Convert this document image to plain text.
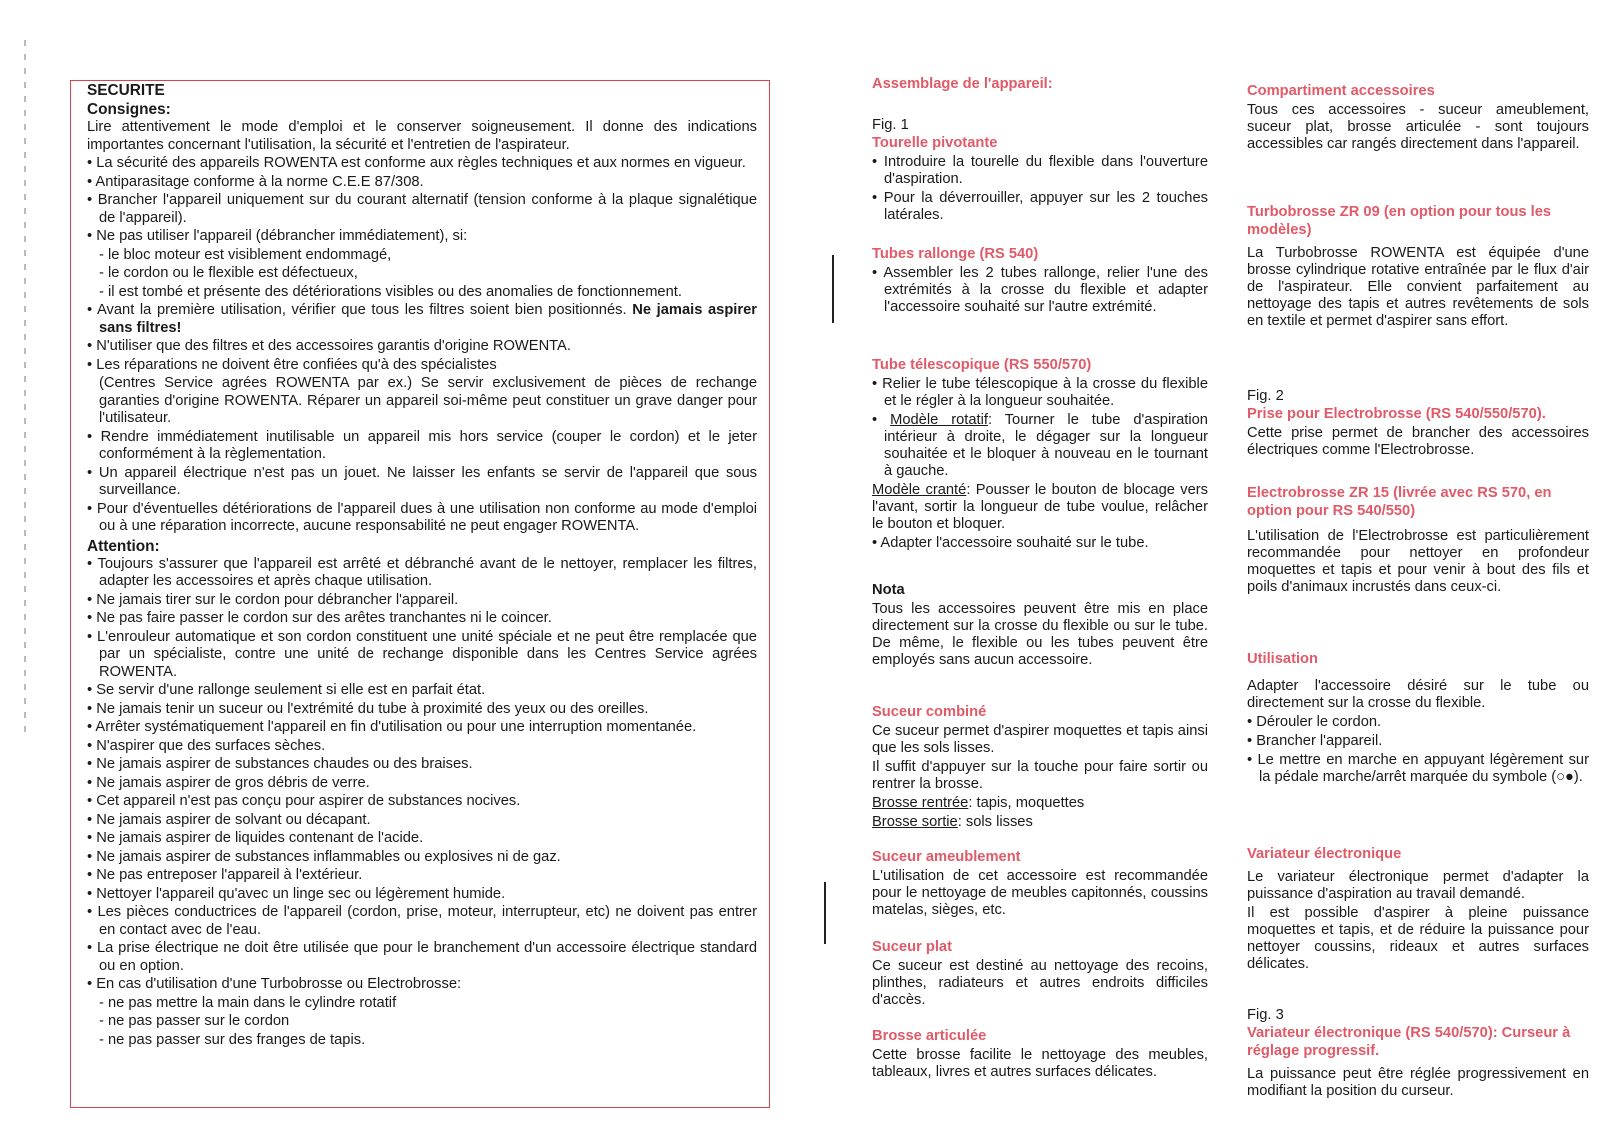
SECURITE
Consignes:
Lire attentivement le mode d'emploi et le conserver soigneusement. Il donne des indications importantes concernant l'utilisation, la sécurité et l'entretien de l'aspirateur.
• La sécurité des appareils ROWENTA est conforme aux règles techniques et aux normes en vigueur.
• Antiparasitage conforme à la norme C.E.E 87/308.
• Brancher l'appareil uniquement sur du courant alternatif (tension conforme à la plaque signalétique de l'appareil).
• Ne pas utiliser l'appareil (débrancher immédiatement), si:
- le bloc moteur est visiblement endommagé,
- le cordon ou le flexible est défectueux,
- il est tombé et présente des détériorations visibles ou des anomalies de fonctionnement.
• Avant la première utilisation, vérifier que tous les filtres soient bien positionnés. Ne jamais aspirer sans filtres!
• N'utiliser que des filtres et des accessoires garantis d'origine ROWENTA.
• Les réparations ne doivent être confiées qu'à des spécialistes
(Centres Service agrées ROWENTA par ex.) Se servir exclusivement de pièces de rechange garanties d'origine ROWENTA. Réparer un appareil soi-même peut constituer un grave danger pour l'utilisateur.
• Rendre immédiatement inutilisable un appareil mis hors service (couper le cordon) et le jeter conformément à la règlementation.
• Un appareil électrique n'est pas un jouet. Ne laisser les enfants se servir de l'appareil que sous surveillance.
• Pour d'éventuelles détériorations de l'appareil dues à une utilisation non conforme au mode d'emploi ou à une réparation incorrecte, aucune responsabilité ne peut engager ROWENTA.
Attention:
• Toujours s'assurer que l'appareil est arrêté et débranché avant de le nettoyer, remplacer les filtres, adapter les accessoires et après chaque utilisation.
• Ne jamais tirer sur le cordon pour débrancher l'appareil.
• Ne pas faire passer le cordon sur des arêtes tranchantes ni le coincer.
• L'enrouleur automatique et son cordon constituent une unité spéciale et ne peut être remplacée que par un spécialiste, contre une unité de rechange disponible dans les Centres Service agrées ROWENTA.
• Se servir d'une rallonge seulement si elle est en parfait état.
• Ne jamais tenir un suceur ou l'extrémité du tube à proximité des yeux ou des oreilles.
• Arrêter systématiquement l'appareil en fin d'utilisation ou pour une interruption momentanée.
• N'aspirer que des surfaces sèches.
• Ne jamais aspirer de substances chaudes ou des braises.
• Ne jamais aspirer de gros débris de verre.
• Cet appareil n'est pas conçu pour aspirer de substances nocives.
• Ne jamais aspirer de solvant ou décapant.
• Ne jamais aspirer de liquides contenant de l'acide.
• Ne jamais aspirer de substances inflammables ou explosives ni de gaz.
• Ne pas entreposer l'appareil à l'extérieur.
• Nettoyer l'appareil qu'avec un linge sec ou légèrement humide.
• Les pièces conductrices de l'appareil (cordon, prise, moteur, interrupteur, etc) ne doivent pas entrer en contact avec de l'eau.
• La prise électrique ne doit être utilisée que pour le branchement d'un accessoire électrique standard ou en option.
• En cas d'utilisation d'une Turbobrosse ou Electrobrosse:
- ne pas mettre la main dans le cylindre rotatif
- ne pas passer sur le cordon
- ne pas passer sur des franges de tapis.
Assemblage de l'appareil:
Fig. 1
Tourelle pivotante
• Introduire la tourelle du flexible dans l'ouverture d'aspiration.
• Pour la déverrouiller, appuyer sur les 2 touches latérales.
Tubes rallonge (RS 540)
• Assembler les 2 tubes rallonge, relier l'une des extrémités à la crosse du flexible et adapter l'accessoire souhaité sur l'autre extrémité.
Tube télescopique (RS 550/570)
• Relier le tube télescopique à la crosse du flexible et le régler à la longueur souhaitée.
• Modèle rotatif: Tourner le tube d'aspiration intérieur à droite, le dégager sur la longueur souhaitée et le bloquer à nouveau en le tournant à gauche.
Modèle cranté: Pousser le bouton de blocage vers l'avant, sortir la longueur de tube voulue, relâcher le bouton et bloquer.
• Adapter l'accessoire souhaité sur le tube.
Nota
Tous les accessoires peuvent être mis en place directement sur la crosse du flexible ou sur le tube. De même, le flexible ou les tubes peuvent être employés sans aucun accessoire.
Suceur combiné
Ce suceur permet d'aspirer moquettes et tapis ainsi que les sols lisses.
Il suffit d'appuyer sur la touche pour faire sortir ou rentrer la brosse.
Brosse rentrée: tapis, moquettes
Brosse sortie: sols lisses
Suceur ameublement
L'utilisation de cet accessoire est recommandée pour le nettoyage de meubles capitonnés, coussins matelas, sièges, etc.
Suceur plat
Ce suceur est destiné au nettoyage des recoins, plinthes, radiateurs et autres endroits difficiles d'accès.
Brosse articulée
Cette brosse facilite le nettoyage des meubles, tableaux, livres et autres surfaces délicates.
Compartiment accessoires
Tous ces accessoires - suceur ameublement, suceur plat, brosse articulée - sont toujours accessibles car rangés directement dans l'appareil.
Turbobrosse ZR 09 (en option pour tous les modèles)
La Turbobrosse ROWENTA est équipée d'une brosse cylindrique rotative entraînée par le flux d'air de l'aspirateur. Elle convient parfaitement au nettoyage des tapis et autres revêtements de sols en textile et permet d'aspirer sans effort.
Fig. 2
Prise pour Electrobrosse (RS 540/550/570).
Cette prise permet de brancher des accessoires électriques comme l'Electrobrosse.
Electrobrosse ZR 15 (livrée avec RS 570, en option pour RS 540/550)
L'utilisation de l'Electrobrosse est particulièrement recommandée pour nettoyer en profondeur moquettes et tapis et pour venir à bout des fils et poils d'animaux incrustés dans ceux-ci.
Utilisation
Adapter l'accessoire désiré sur le tube ou directement sur la crosse du flexible.
• Dérouler le cordon.
• Brancher l'appareil.
• Le mettre en marche en appuyant légèrement sur la pédale marche/arrêt marquée du symbole (○●).
Variateur électronique
Le variateur électronique permet d'adapter la puissance d'aspiration au travail demandé.
Il est possible d'aspirer à pleine puissance moquettes et tapis, et de réduire la puissance pour nettoyer coussins, rideaux et autres surfaces délicates.
Fig. 3
Variateur électronique (RS 540/570): Curseur à réglage progressif.
La puissance peut être réglée progressivement en modifiant la position du curseur.
